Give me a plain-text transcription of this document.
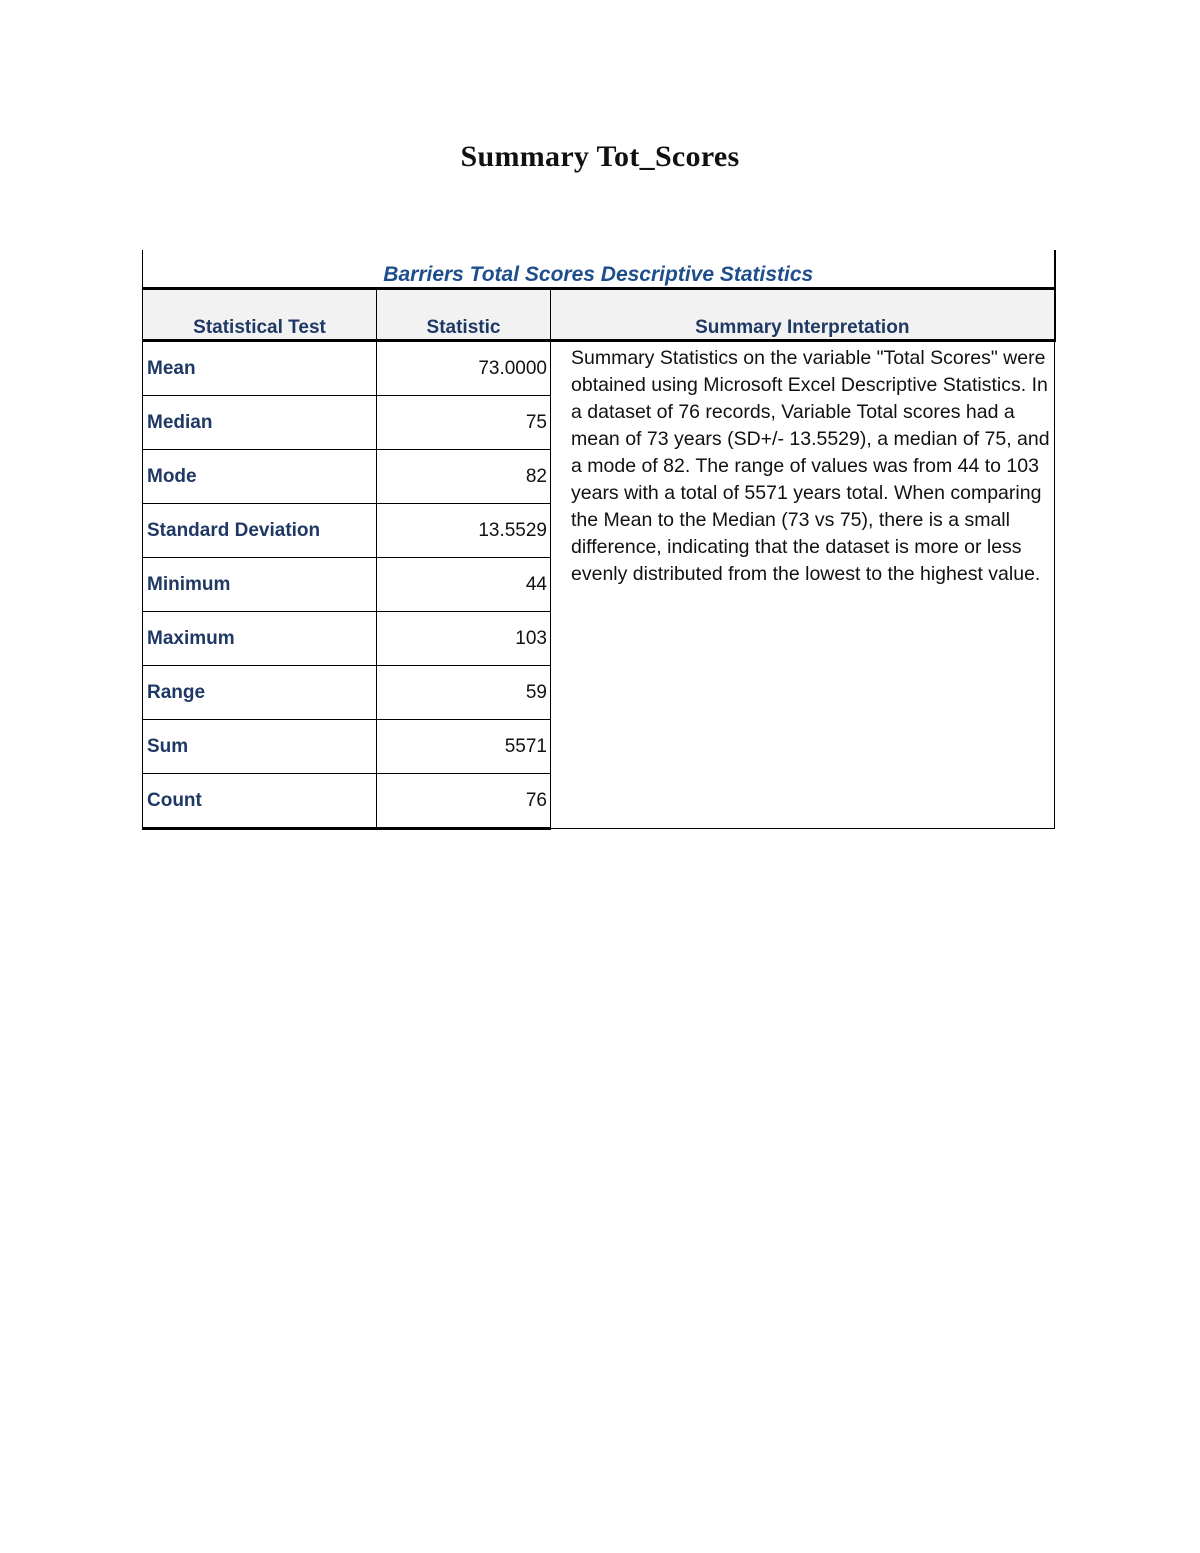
Summary Tot_Scores
Barriers Total Scores Descriptive Statistics		
Statistical Test	Statistic	Summary Interpretation
Mean	73.0000	Summary Statistics on the variable "Total Scores" were obtained using Microsoft Excel Descriptive Statistics. In a dataset of 76 records, Variable Total scores had a mean of 73 years (SD+/- 13.5529), a median of 75, and a mode of 82. The range of values was from 44 to 103 years with a total of 5571 years total. When comparing the Mean to the Median (73 vs 75), there is a small difference, indicating that the dataset is more or less evenly distributed from the lowest to the highest value.
Median	75	
Mode	82	
Standard Deviation	13.5529	
Minimum	44	
Maximum	103	
Range	59	
Sum	5571	
Count	76	
